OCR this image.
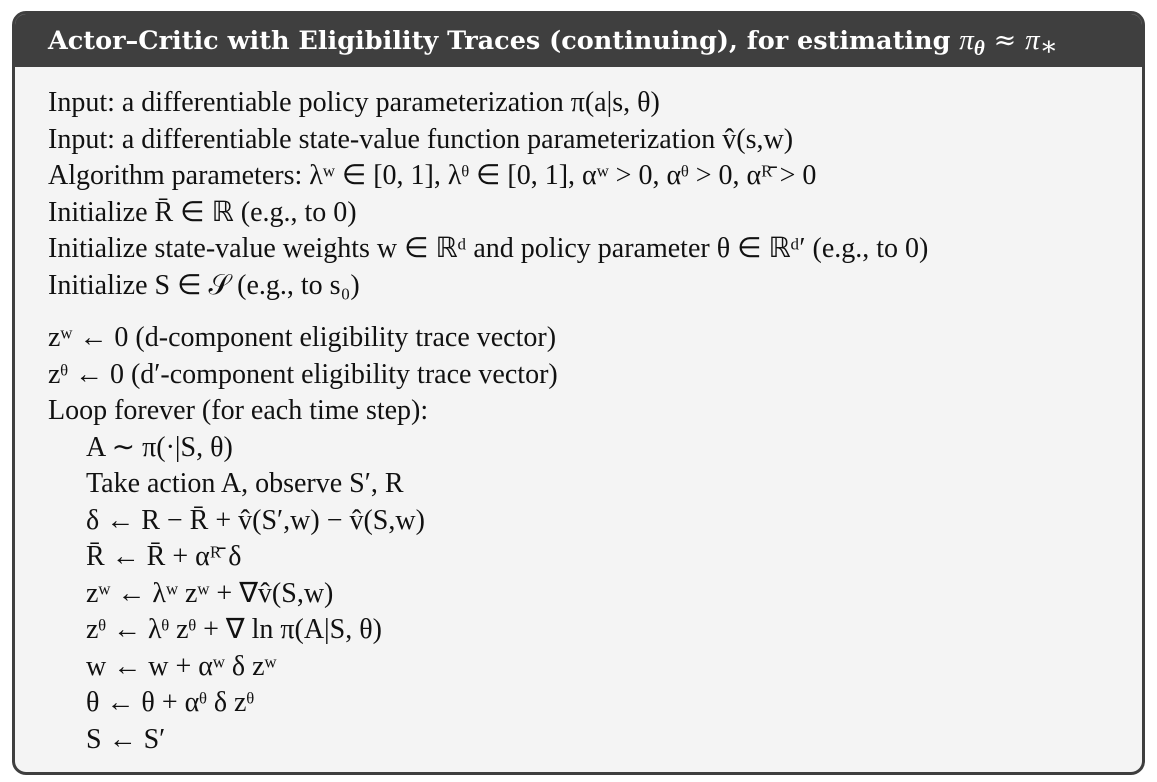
Actor–Critic with Eligibility Traces (continuing), for estimating $\pi_\theta \approx \pi_∗$
Input: a differentiable policy parameterization π(a|s, θ)
Input: a differentiable state-value function parameterization v̂(s,w)
Algorithm parameters: λʷ ∈ [0, 1], λᶿ ∈ [0, 1], αʷ > 0, αᶿ > 0, αᴿ̄ > 0
Initialize R̄ ∈ ℝ (e.g., to 0)
Initialize state-value weights w ∈ ℝᵈ and policy parameter θ ∈ ℝᵈ′ (e.g., to 0)
Initialize S ∈ 𝒮 (e.g., to s₀)
zʷ ← 0 (d-component eligibility trace vector)
zᶿ ← 0 (d′-component eligibility trace vector)
Loop forever (for each time step):
A ∼ π(·|S, θ)
Take action A, observe S′, R
δ ← R − R̄ + v̂(S′,w) − v̂(S,w)
R̄ ← R̄ + αᴿ̄ δ
zʷ ← λʷ zʷ + ∇v̂(S,w)
zᶿ ← λᶿ zᶿ + ∇ ln π(A|S, θ)
w ← w + αʷ δ zʷ
θ ← θ + αᶿ δ zᶿ
S ← S′
